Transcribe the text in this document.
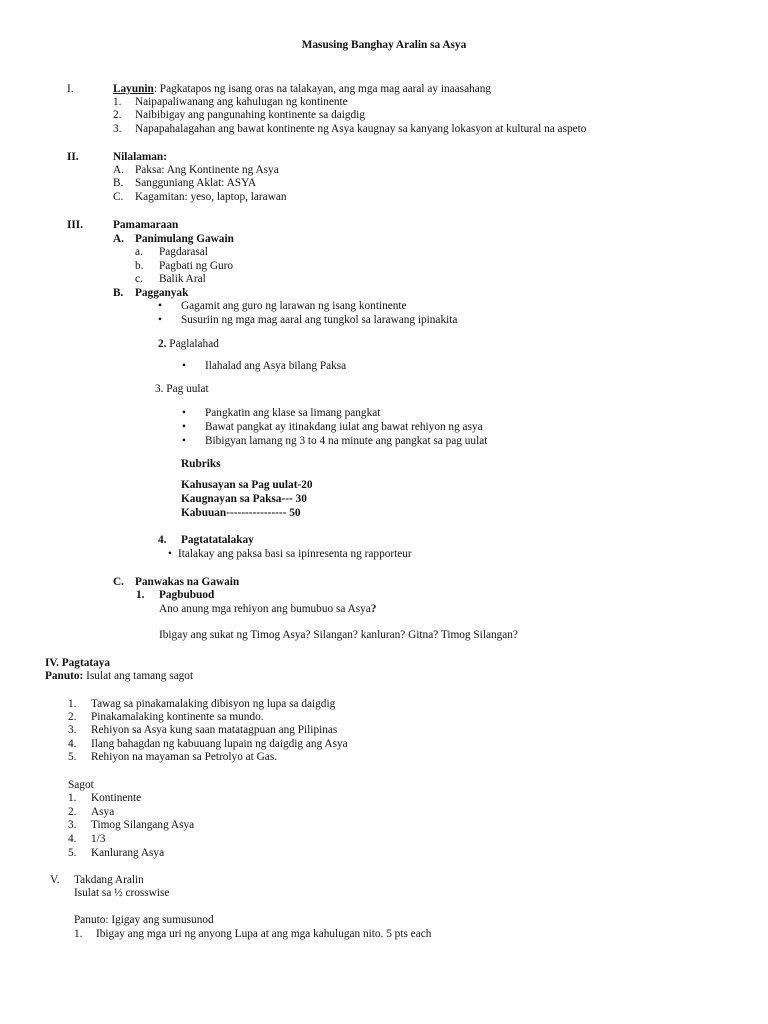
Masusing Banghay Aralin sa Asya
I.	Layunin: Pagkatapos ng isang oras na talakayan, ang mga mag aaral ay inaasahang
1. Naipapaliwanang ang kahulugan ng kontinente
2. Naibibigay ang pangunahing kontinente sa daigdig
3. Napapahalagahan ang bawat kontinente ng Asya kaugnay sa kanyang lokasyon at kultural na aspeto
II.	Nilalaman:
A. Paksa: Ang Kontinente ng Asya
B. Sangguniang Aklat: ASYA
C. Kagamitan: yeso, laptop, larawan
III.	Pamamaraan
A. Panimulang Gawain
a. Pagdarasal
b. Pagbati ng Guro
c. Balik Aral
B. Pagganyak
•	Gagamit ang guro ng larawan ng isang kontinente
•	Susuriin ng mga mag aaral ang tungkol sa larawang ipinakita
2. Paglalahad
•	Ilahalad ang Asya bilang Paksa
3. Pag uulat
•	Pangkatin ang klase sa limang pangkat
•	Bawat pangkat ay itinakdang iulat ang bawat rehiyon ng asya
•	Bibigyan lamang ng 3 to 4 na minute ang pangkat sa pag uulat
Rubriks
Kahusayan sa Pag uulat-20
Kaugnayan sa Paksa--- 30
Kabuuan---------------- 50
4. Pagtatatalakay
• Italakay ang paksa basi sa ipinresenta ng rapporteur
C. Panwakas na Gawain
1. Pagbubuod
Ano anung mga rehiyon ang bumubuo sa Asya?
Ibigay ang sukat ng Timog Asya? Silangan? kanluran? Gitna? Timog Silangan?
IV. Pagtataya
Panuto: Isulat ang tamang sagot
1. Tawag sa pinakamalaking dibisyon ng lupa sa daigdig
2. Pinakamalaking kontinente sa mundo.
3. Rehiyon sa Asya kung saan matatagpuan ang Pilipinas
4. Ilang bahagdan ng kabuuang lupain ng daigdig ang Asya
5. Rehiyon na mayaman sa Petrolyo at Gas.
Sagot
1. Kontinente
2. Asya
3. Timog Silangang Asya
4. 1/3
5. Kanlurang Asya
V. Takdang Aralin
Isulat sa ½ crosswise
Panuto: Igigay ang sumusunod
1. Ibigay ang mga uri ng anyong Lupa at ang mga kahulugan nito. 5 pts each
